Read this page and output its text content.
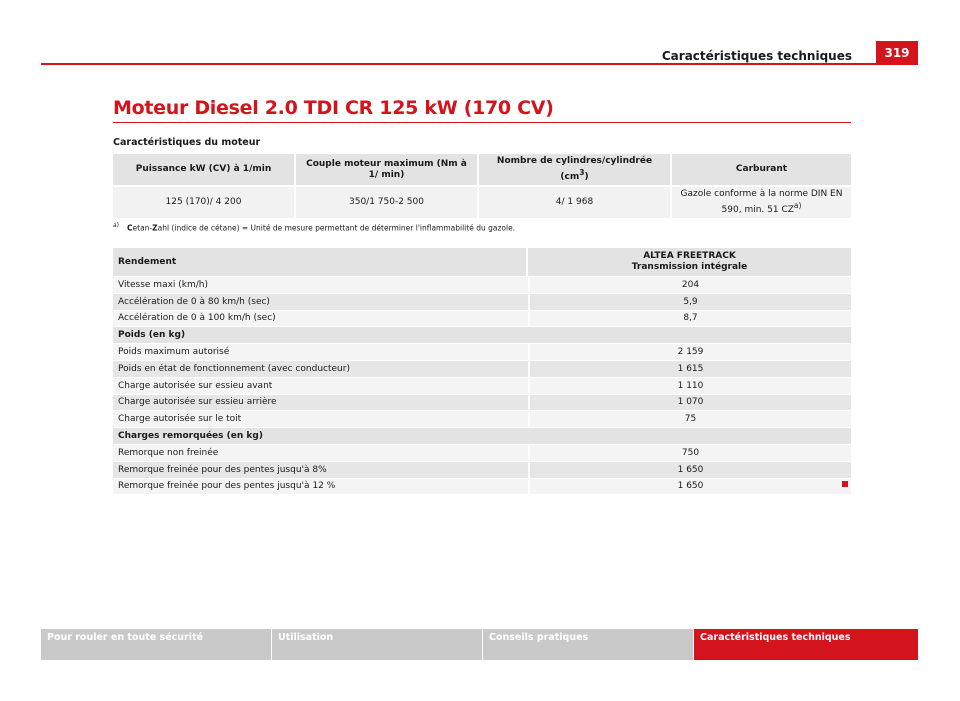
Caractéristiques techniques	319
Moteur Diesel 2.0 TDI CR 125 kW (170 CV)
Caractéristiques du moteur
Puissance kW (CV) à 1/min	Couple moteur maximum (Nm à 1/ min)	Nombre de cylindres/cylindrée $(cm^3)$	Carburant
125 (170)/ 4 200	350/1 750-2 500	4/ 1 968	Gazole conforme à la norme DIN EN 590, min. 51 CZ$^{a)}$
$^{a)}$ Cetan-Zahl (indice de cétane) = Unité de mesure permettant de déterminer l'inflammabilité du gazole.
Rendement	ALTEA FREETRACK
Transmission intégrale

Vitesse maxi (km/h)	204
Accélération de 0 à 80 km/h (sec)	5,9
Accélération de 0 à 100 km/h (sec)	8,7
Poids (en kg)	
Poids maximum autorisé	2 159
Poids en état de fonctionnement (avec conducteur)	1 615
Charge autorisée sur essieu avant	1 110
Charge autorisée sur essieu arrière	1 070
Charge autorisée sur le toit	75
Charges remorquées (en kg)	
Remorque non freinée	750
Remorque freinée pour des pentes jusqu'à 8%	1 650
Remorque freinée pour des pentes jusqu'à 12 %	1 650
Pour rouler en toute sécurité	Utilisation	Conseils pratiques	Caractéristiques techniques
